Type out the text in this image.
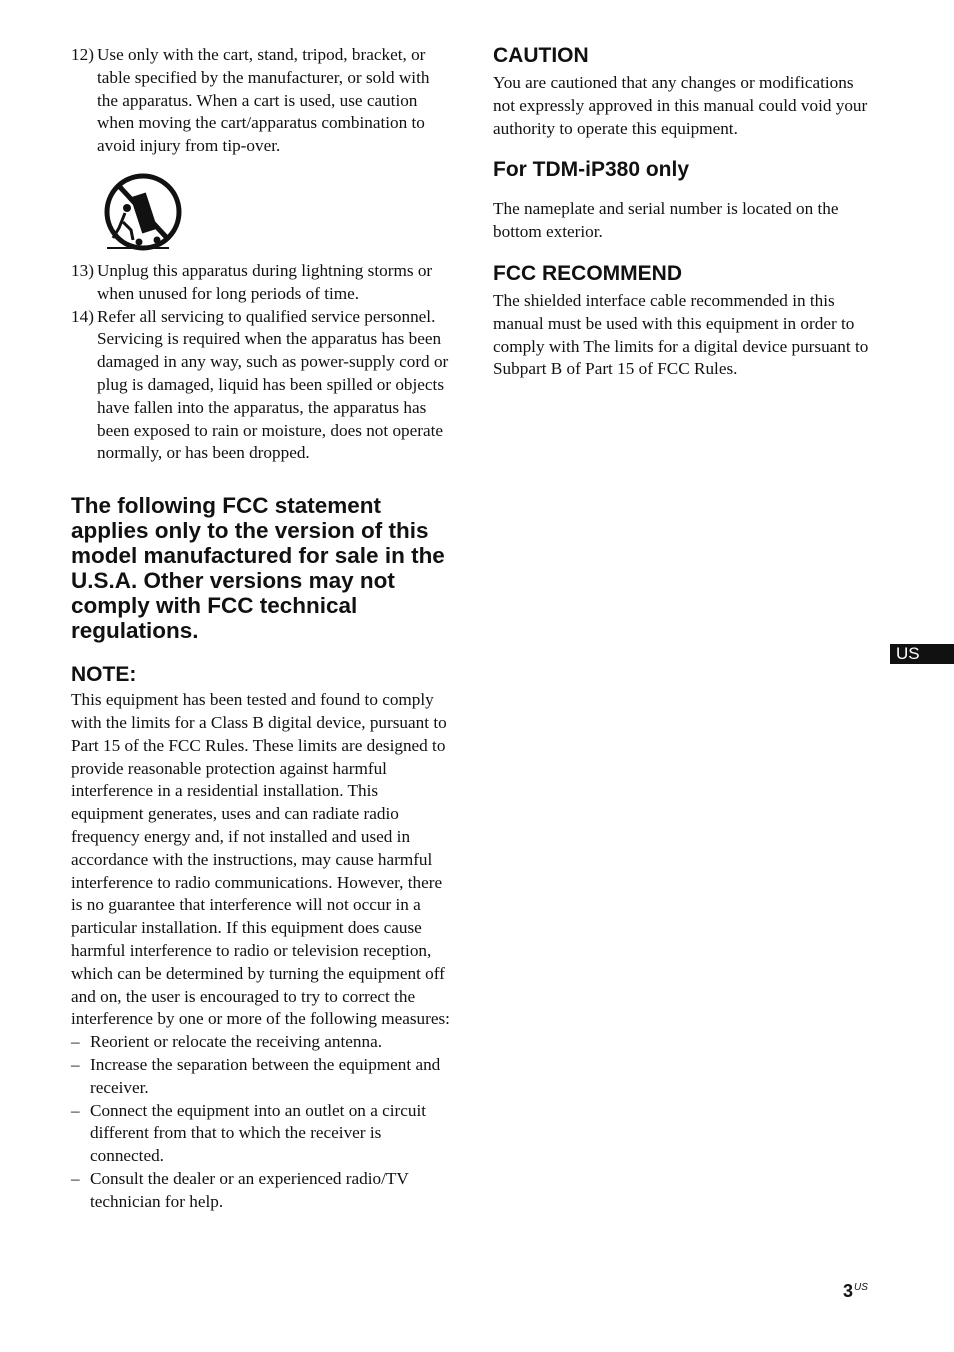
12) Use only with the cart, stand, tripod, bracket, or table specified by the manufacturer, or sold with the apparatus. When a cart is used, use caution when moving the cart/apparatus combination to avoid injury from tip-over.

13) Unplug this apparatus during lightning storms or when unused for long periods of time.

14) Refer all servicing to qualified service personnel. Servicing is required when the apparatus has been damaged in any way, such as power-supply cord or plug is damaged, liquid has been spilled or objects have fallen into the apparatus, the apparatus has been exposed to rain or moisture, does not operate normally, or has been dropped.

The following FCC statement applies only to the version of this model manufactured for sale in the U.S.A. Other versions may not comply with FCC technical regulations.
NOTE:

This equipment has been tested and found to comply with the limits for a Class B digital device, pursuant to Part 15 of the FCC Rules. These limits are designed to provide reasonable protection against harmful interference in a residential installation. This equipment generates, uses and can radiate radio frequency energy and, if not installed and used in accordance with the instructions, may cause harmful interference to radio communications. However, there is no guarantee that interference will not occur in a particular installation. If this equipment does cause harmful interference to radio or television reception, which can be determined by turning the equipment off and on, the user is encouraged to try to correct the interference by one or more of the following measures:

– Reorient or relocate the receiving antenna.

– Increase the separation between the equipment and receiver.

– Connect the equipment into an outlet on a circuit different from that to which the receiver is connected.

– Consult the dealer or an experienced radio/TV technician for help.

CAUTION

You are cautioned that any changes or modifications not expressly approved in this manual could void your authority to operate this equipment.

For TDM-iP380 only

The nameplate and serial number is located on the bottom exterior.

FCC RECOMMEND

The shielded interface cable recommended in this manual must be used with this equipment in order to comply with The limits for a digital device pursuant to Subpart B of Part 15 of FCC Rules.

US
$3^{US}$
